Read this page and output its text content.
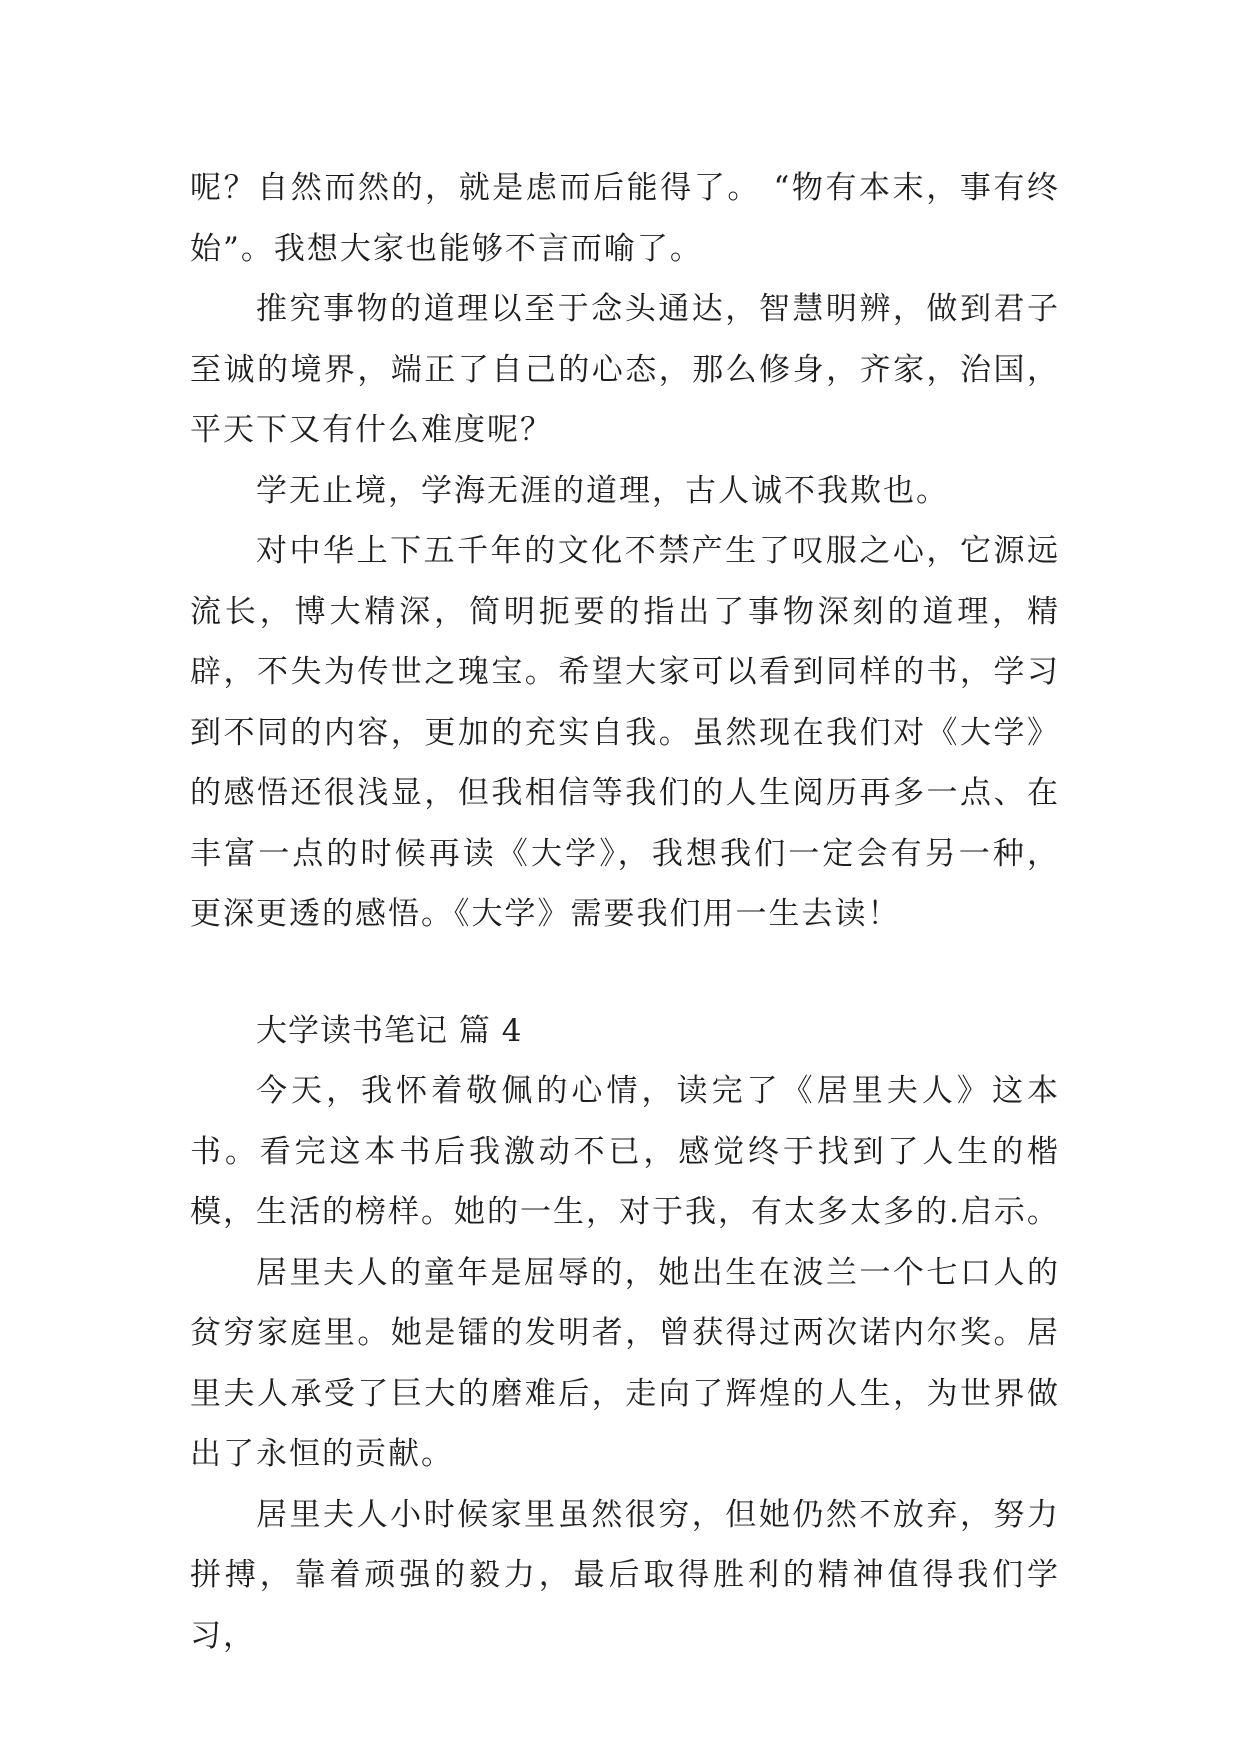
呢？自然而然的，就是虑而后能得了。 “物有本末，事有终始”。我想大家也能够不言而喻了。

推究事物的道理以至于念头通达，智慧明辨，做到君子至诚的境界，端正了自己的心态，那么修身，齐家，治国，平天下又有什么难度呢？

学无止境，学海无涯的道理，古人诚不我欺也。

对中华上下五千年的文化不禁产生了叹服之心，它源远流长，博大精深，简明扼要的指出了事物深刻的道理，精辟，不失为传世之瑰宝。希望大家可以看到同样的书，学习到不同的内容，更加的充实自我。虽然现在我们对《大学》的感悟还很浅显，但我相信等我们的人生阅历再多一点、在丰富一点的时候再读《大学》，我想我们一定会有另一种，更深更透的感悟。《大学》需要我们用一生去读！

大学读书笔记 篇 4

今天，我怀着敬佩的心情，读完了《居里夫人》这本书。看完这本书后我激动不已，感觉终于找到了人生的楷模，生活的榜样。她的一生，对于我，有太多太多的.启示。

居里夫人的童年是屈辱的，她出生在波兰一个七口人的贫穷家庭里。她是镭的发明者，曾获得过两次诺内尔奖。居里夫人承受了巨大的磨难后，走向了辉煌的人生，为世界做出了永恒的贡献。

居里夫人小时候家里虽然很穷，但她仍然不放弃，努力拼搏，靠着顽强的毅力，最后取得胜利的精神值得我们学习，
